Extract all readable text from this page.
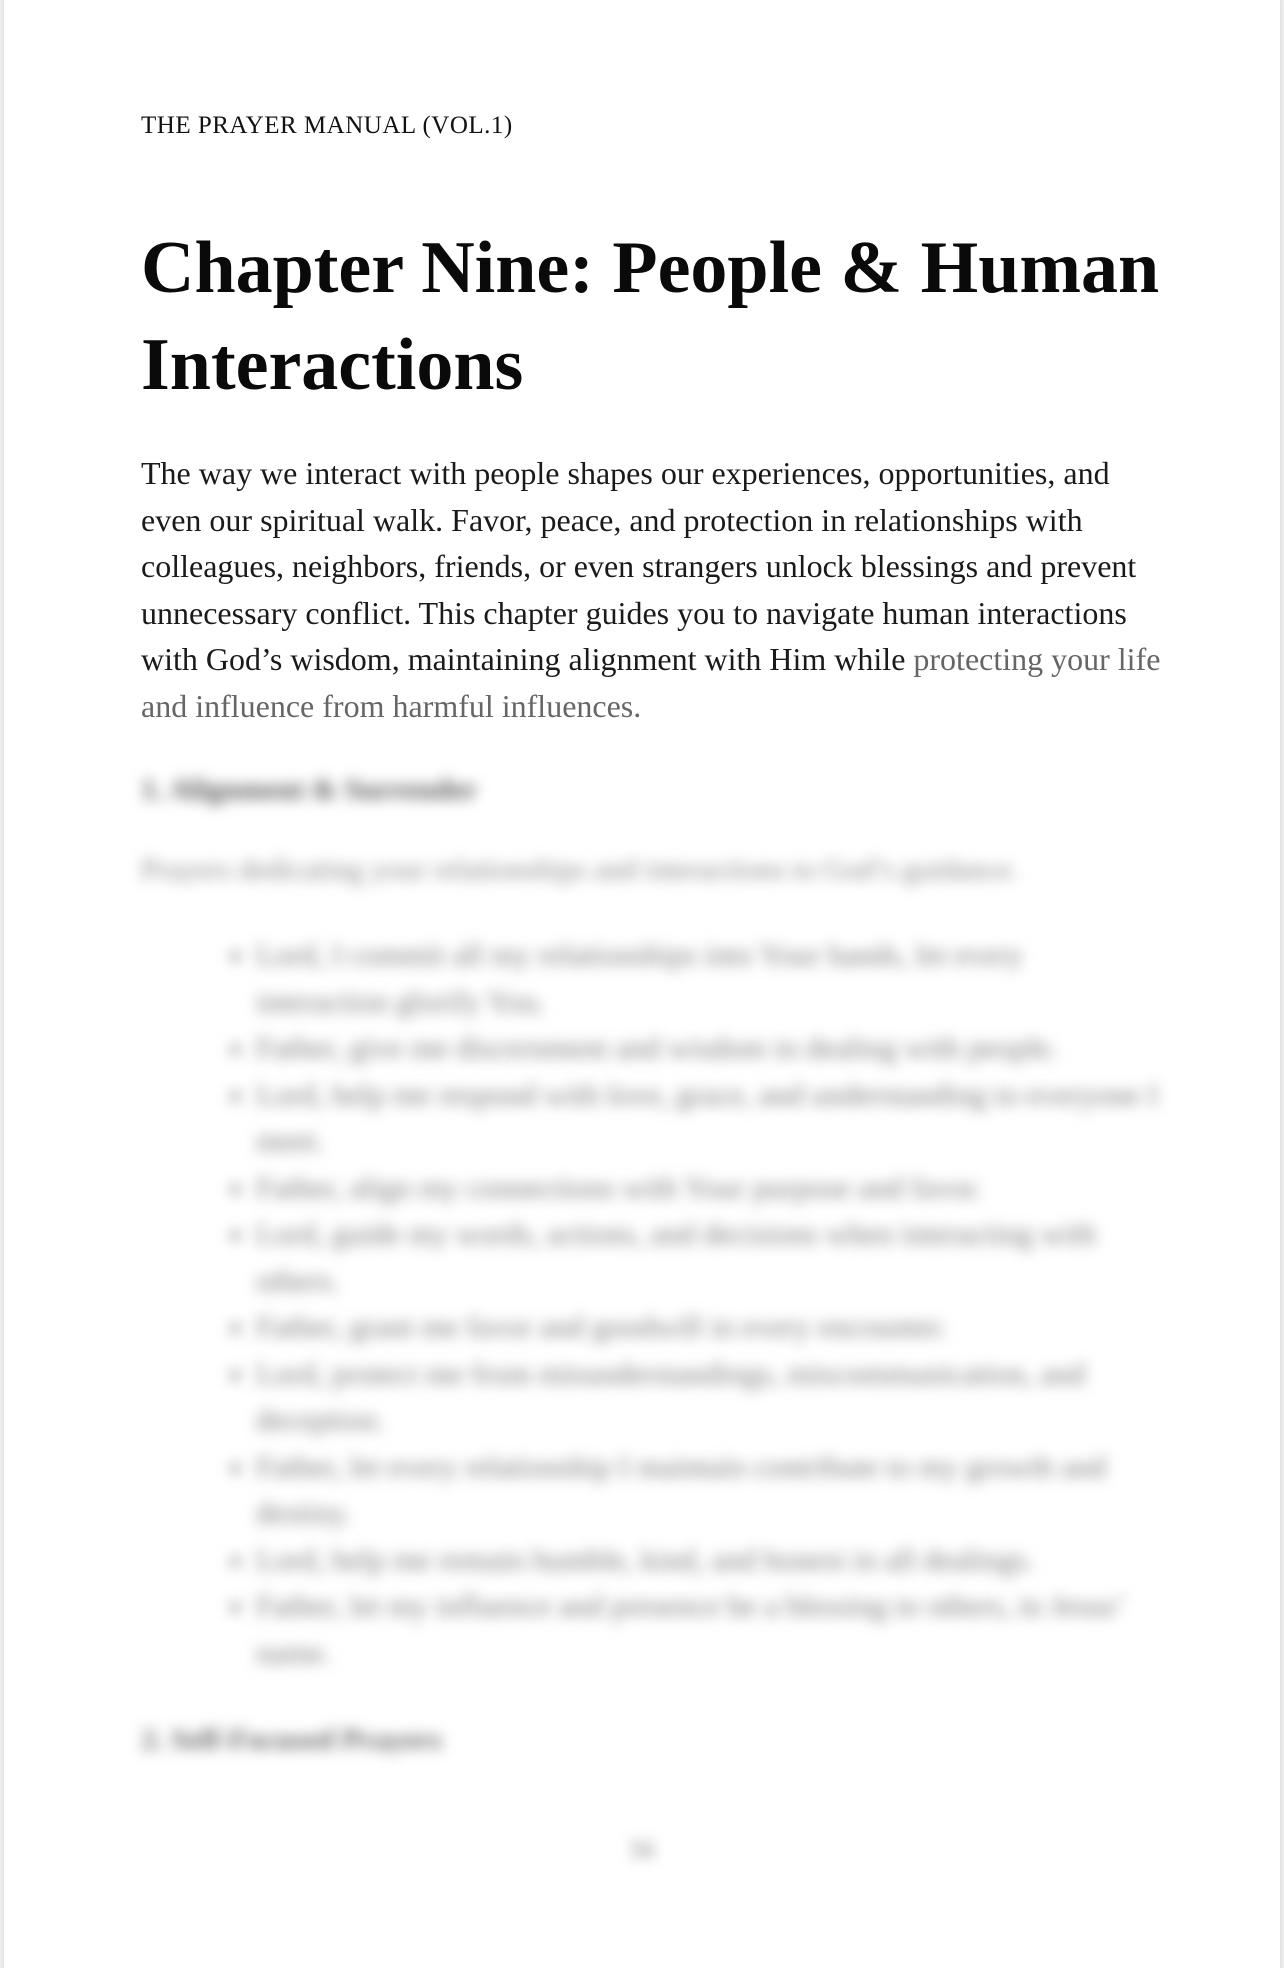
THE PRAYER MANUAL (VOL.1)
Chapter Nine: People & Human Interactions

The way we interact with people shapes our experiences, opportunities, and even our spiritual walk. Favor, peace, and protection in relationships with colleagues, neighbors, friends, or even strangers unlock blessings and prevent unnecessary conflict. This chapter guides you to navigate human interactions with God’s wisdom, maintaining alignment with Him while protecting your life and influence from harmful influences.

1. Alignment & Surrender

Prayers dedicating your relationships and interactions to God’s guidance.

• Lord, I commit all my relationships into Your hands, let every interaction glorify You.
• Father, give me discernment and wisdom in dealing with people.
• Lord, help me respond with love, grace, and understanding to everyone I meet.
• Father, align my connections with Your purpose and favor.
• Lord, guide my words, actions, and decisions when interacting with others.
• Father, grant me favor and goodwill in every encounter.
• Lord, protect me from misunderstandings, miscommunication, and deception.
• Father, let every relationship I maintain contribute to my growth and destiny.
• Lord, help me remain humble, kind, and honest in all dealings.
• Father, let my influence and presence be a blessing to others, in Jesus’ name.
2. Self-Focused Prayers
56
